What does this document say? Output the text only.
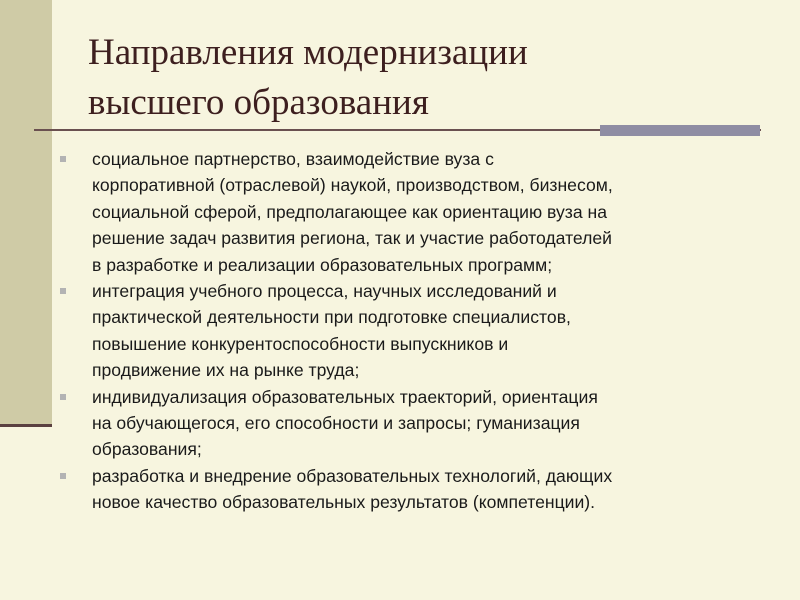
Направления модернизации
высшего образования
социальное партнерство, взаимодействие вуза с
корпоративной (отраслевой) наукой, производством, бизнесом,
социальной сферой, предполагающее как ориентацию вуза на
решение задач развития региона, так и участие работодателей
в разработке и реализации образовательных программ;
интеграция учебного процесса, научных исследований и
практической деятельности при подготовке специалистов,
повышение конкурентоспособности выпускников и
продвижение их на рынке труда;
индивидуализация образовательных траекторий, ориентация
на обучающегося, его способности и запросы; гуманизация
образования;
разработка и внедрение образовательных технологий, дающих
новое качество образовательных результатов (компетенции).
